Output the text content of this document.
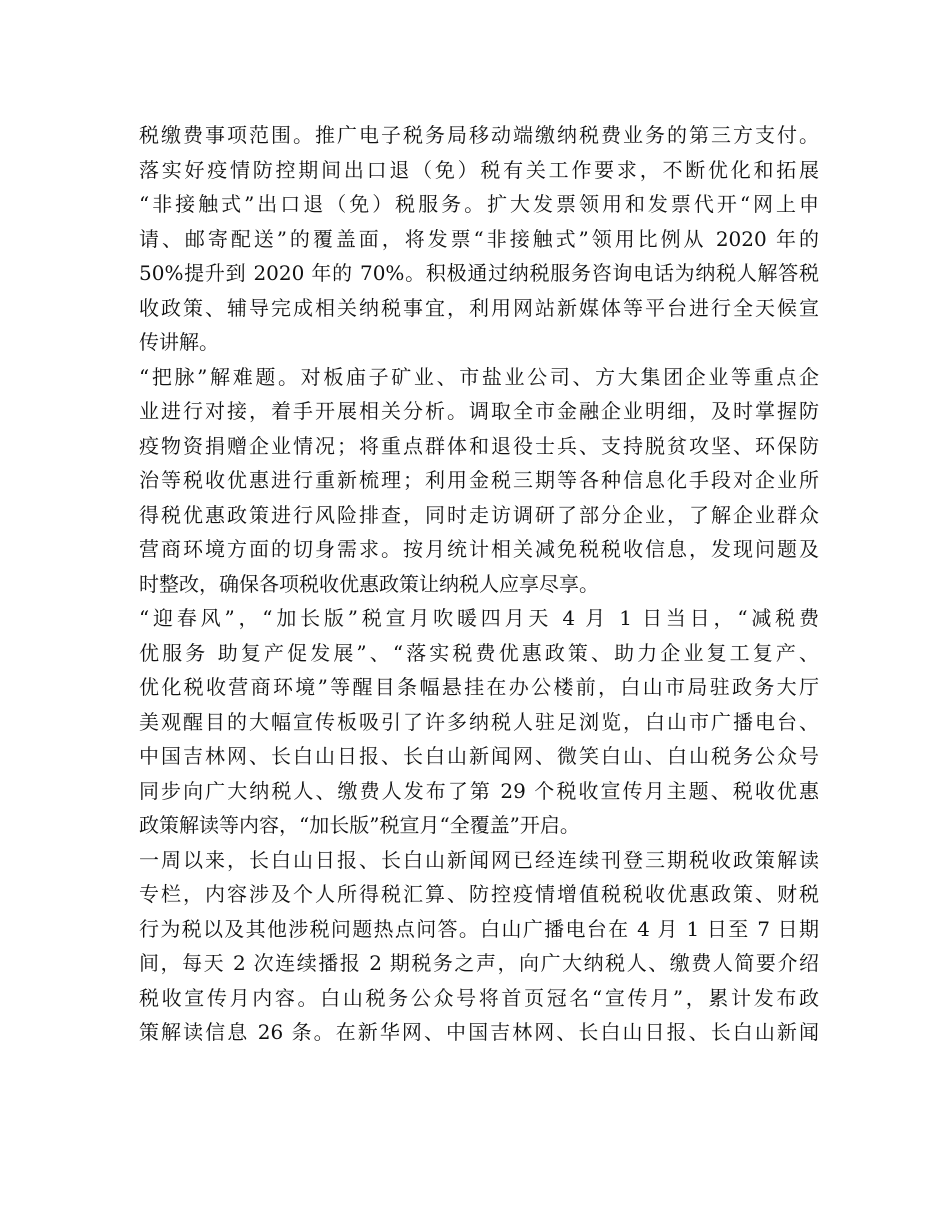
税缴费事项范围。推广电子税务局移动端缴纳税费业务的第三方支付。
落实好疫情防控期间出口退（免）税有关工作要求，不断优化和拓展
“非接触式”出口退（免）税服务。扩大发票领用和发票代开“网上申
请、邮寄配送”的覆盖面，将发票“非接触式”领用比例从 2020 年的
50%提升到 2020 年的 70%。积极通过纳税服务咨询电话为纳税人解答税
收政策、辅导完成相关纳税事宜，利用网站新媒体等平台进行全天候宣
传讲解。
“把脉”解难题。对板庙子矿业、市盐业公司、方大集团企业等重点企
业进行对接，着手开展相关分析。调取全市金融企业明细，及时掌握防
疫物资捐赠企业情况；将重点群体和退役士兵、支持脱贫攻坚、环保防
治等税收优惠进行重新梳理；利用金税三期等各种信息化手段对企业所
得税优惠政策进行风险排查，同时走访调研了部分企业，了解企业群众
营商环境方面的切身需求。按月统计相关减免税税收信息，发现问题及
时整改，确保各项税收优惠政策让纳税人应享尽享。
“迎春风”，“加长版”税宣月吹暖四月天 4 月 1 日当日，“减税费
优服务 助复产促发展”、“落实税费优惠政策、助力企业复工复产、
优化税收营商环境”等醒目条幅悬挂在办公楼前，白山市局驻政务大厅
美观醒目的大幅宣传板吸引了许多纳税人驻足浏览，白山市广播电台、
中国吉林网、长白山日报、长白山新闻网、微笑白山、白山税务公众号
同步向广大纳税人、缴费人发布了第 29 个税收宣传月主题、税收优惠
政策解读等内容，“加长版”税宣月“全覆盖”开启。
一周以来，长白山日报、长白山新闻网已经连续刊登三期税收政策解读
专栏，内容涉及个人所得税汇算、防控疫情增值税税收优惠政策、财税
行为税以及其他涉税问题热点问答。白山广播电台在 4 月 1 日至 7 日期
间，每天 2 次连续播报 2 期税务之声，向广大纳税人、缴费人简要介绍
税收宣传月内容。白山税务公众号将首页冠名“宣传月”，累计发布政
策解读信息 26 条。在新华网、中国吉林网、长白山日报、长白山新闻
